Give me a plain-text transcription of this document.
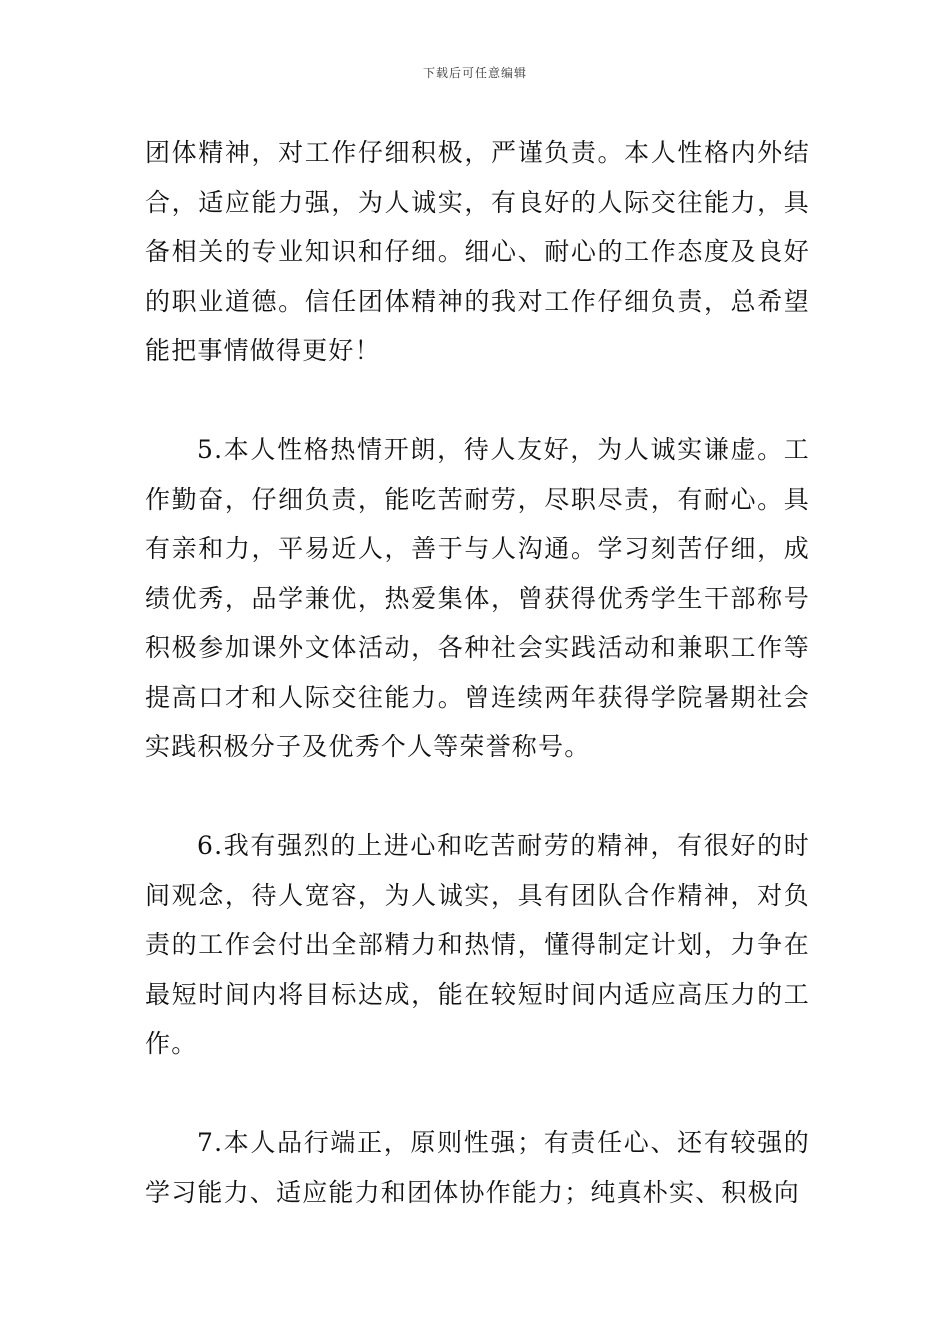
下载后可任意编辑

团体精神，对工作仔细积极，严谨负责。本人性格内外结合，适应能力强，为人诚实，有良好的人际交往能力，具备相关的专业知识和仔细。细心、耐心的工作态度及良好的职业道德。信任团体精神的我对工作仔细负责，总希望能把事情做得更好！

5.本人性格热情开朗，待人友好，为人诚实谦虚。工作勤奋，仔细负责，能吃苦耐劳，尽职尽责，有耐心。具有亲和力，平易近人，善于与人沟通。学习刻苦仔细，成绩优秀，品学兼优，热爱集体，曾获得优秀学生干部称号积极参加课外文体活动，各种社会实践活动和兼职工作等提高口才和人际交往能力。曾连续两年获得学院暑期社会实践积极分子及优秀个人等荣誉称号。

6.我有强烈的上进心和吃苦耐劳的精神，有很好的时间观念，待人宽容，为人诚实，具有团队合作精神，对负责的工作会付出全部精力和热情，懂得制定计划，力争在最短时间内将目标达成，能在较短时间内适应高压力的工作。

7.本人品行端正，原则性强；有责任心、还有较强的学习能力、适应能力和团体协作能力；纯真朴实、积极向
